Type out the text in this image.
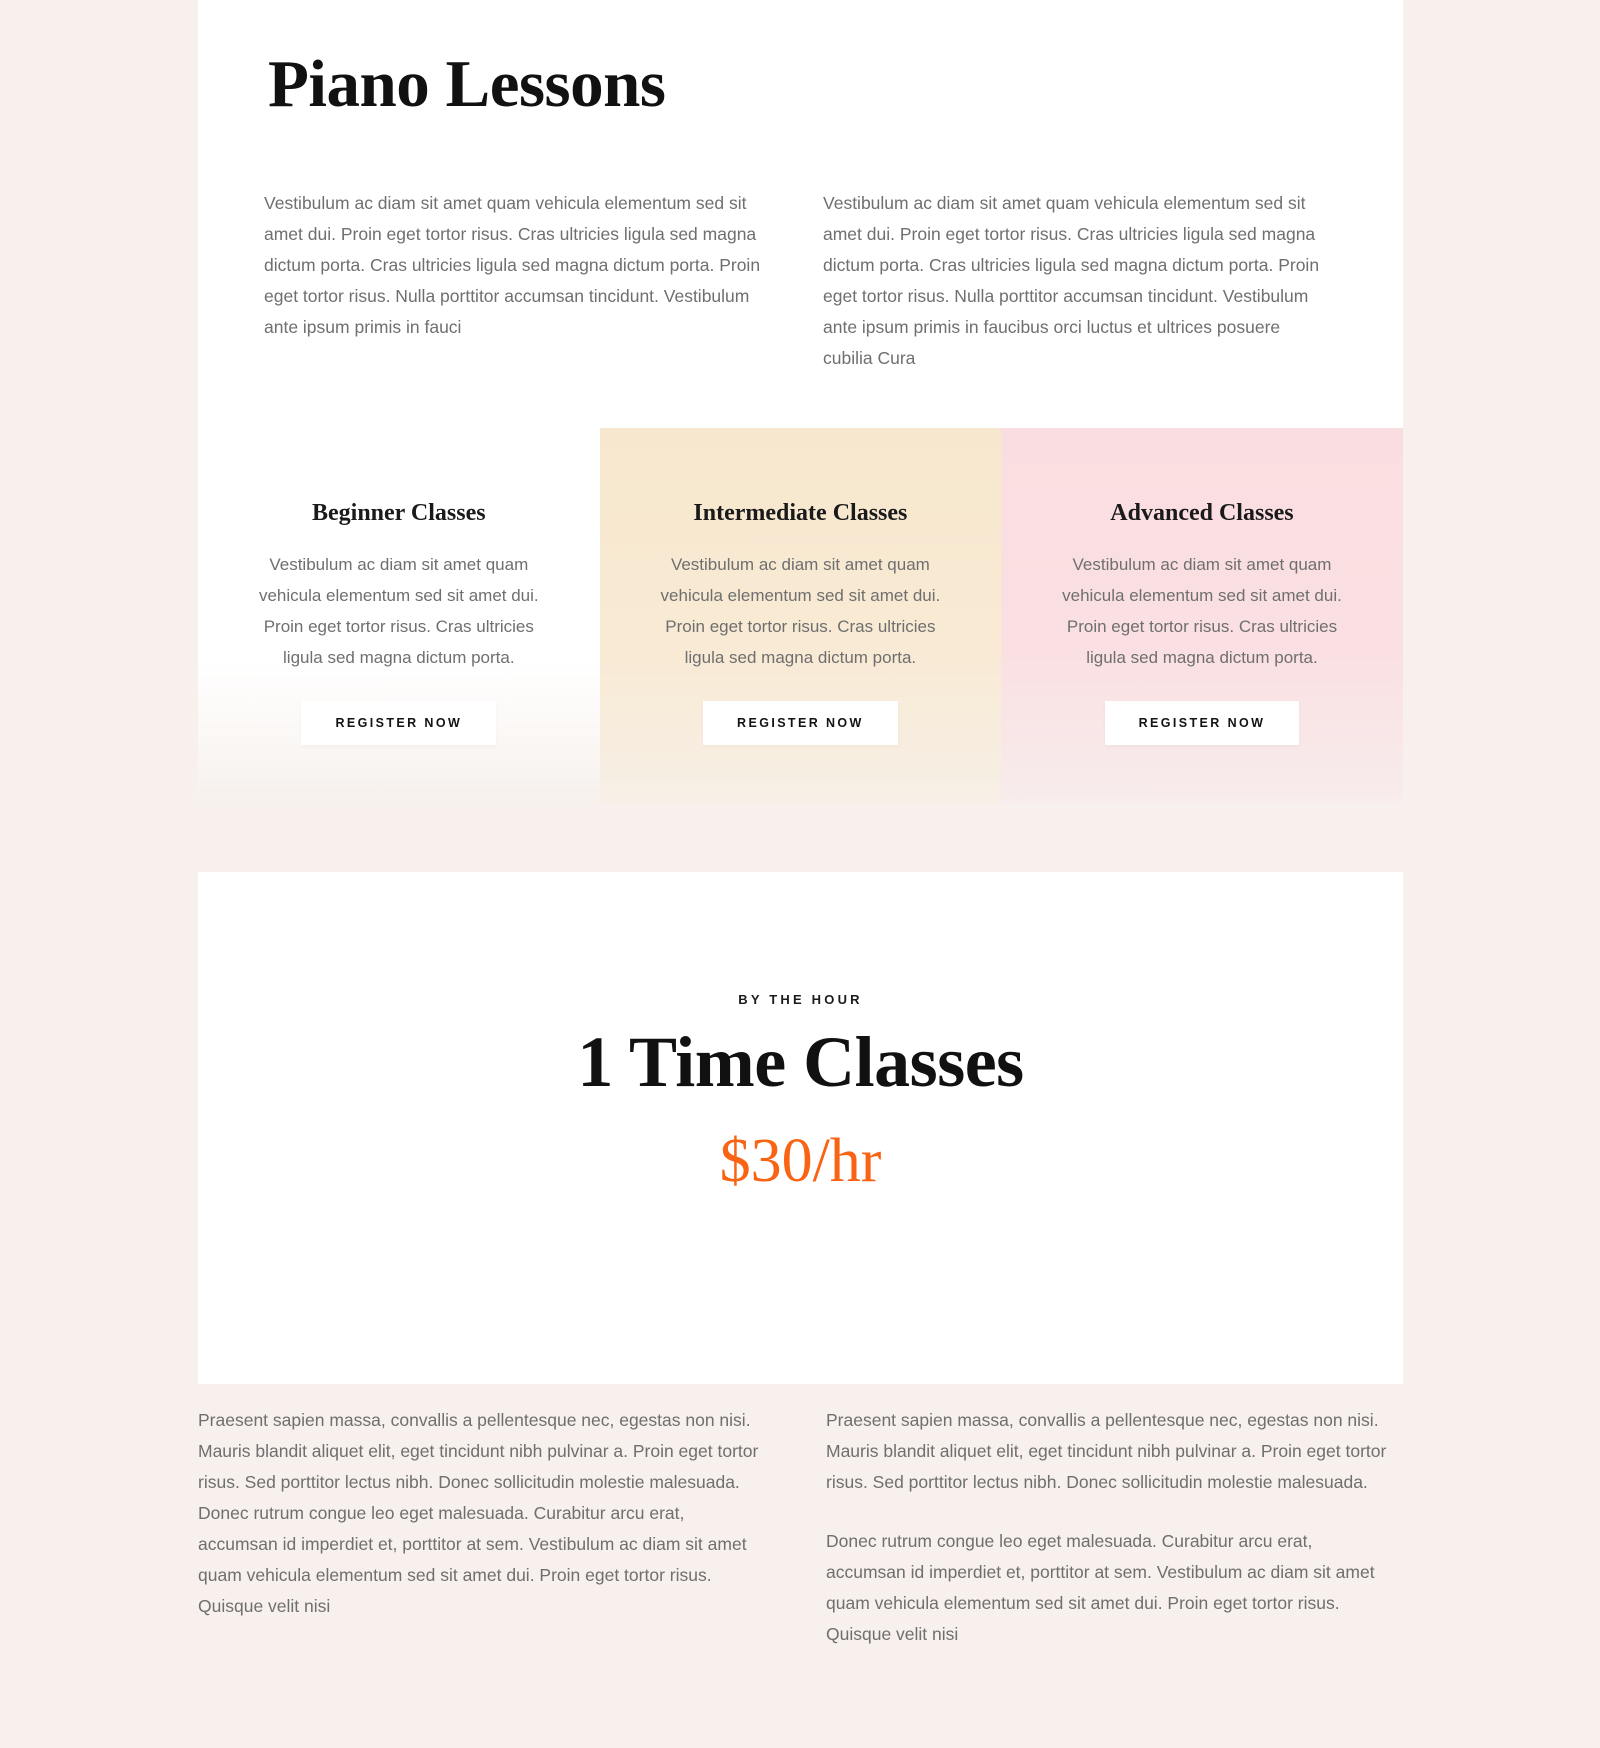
Piano Lessons
Vestibulum ac diam sit amet quam vehicula elementum sed sit amet dui. Proin eget tortor risus. Cras ultricies ligula sed magna dictum porta. Cras ultricies ligula sed magna dictum porta. Proin eget tortor risus. Nulla porttitor accumsan tincidunt. Vestibulum ante ipsum primis in fauci
Vestibulum ac diam sit amet quam vehicula elementum sed sit amet dui. Proin eget tortor risus. Cras ultricies ligula sed magna dictum porta. Cras ultricies ligula sed magna dictum porta. Proin eget tortor risus. Nulla porttitor accumsan tincidunt. Vestibulum ante ipsum primis in faucibus orci luctus et ultrices posuere cubilia Cura
Beginner Classes

Vestibulum ac diam sit amet quam vehicula elementum sed sit amet dui. Proin eget tortor risus. Cras ultricies ligula sed magna dictum porta.

REGISTER NOW
Intermediate Classes

Vestibulum ac diam sit amet quam vehicula elementum sed sit amet dui. Proin eget tortor risus. Cras ultricies ligula sed magna dictum porta.

REGISTER NOW
Advanced Classes

Vestibulum ac diam sit amet quam vehicula elementum sed sit amet dui. Proin eget tortor risus. Cras ultricies ligula sed magna dictum porta.

REGISTER NOW

BY THE HOUR

1 Time Classes

$30/hr

Praesent sapien massa, convallis a pellentesque nec, egestas non nisi. Mauris blandit aliquet elit, eget tincidunt nibh pulvinar a. Proin eget tortor risus. Sed porttitor lectus nibh. Donec sollicitudin molestie malesuada. Donec rutrum congue leo eget malesuada. Curabitur arcu erat, accumsan id imperdiet et, porttitor at sem. Vestibulum ac diam sit amet quam vehicula elementum sed sit amet dui. Proin eget tortor risus. Quisque velit nisi

Praesent sapien massa, convallis a pellentesque nec, egestas non nisi. Mauris blandit aliquet elit, eget tincidunt nibh pulvinar a. Proin eget tortor risus. Sed porttitor lectus nibh. Donec sollicitudin molestie malesuada.

Donec rutrum congue leo eget malesuada. Curabitur arcu erat, accumsan id imperdiet et, porttitor at sem. Vestibulum ac diam sit amet quam vehicula elementum sed sit amet dui. Proin eget tortor risus. Quisque velit nisi
